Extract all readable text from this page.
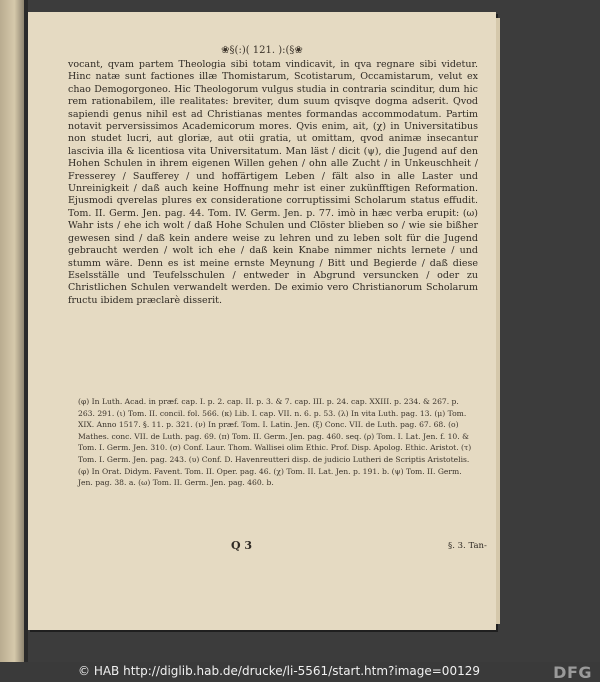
❀§(:)( 121. ):(§❀

vocant, qvam partem Theologia sibi totam vindicavit, in qva regnare sibi videtur. Hinc natæ sunt factiones illæ Thomistarum, Scotistarum, Occamistarum, velut ex chao Demogorgoneo. Hic Theologorum vulgus studia in contraria scinditur, dum hic rem rationabilem, ille realitates: breviter, dum suum qvisqve dogma adserit. Qvod sapiendi genus nihil est ad Christianas mentes formandas accommodatum. Partim notavit perversissimos Academicorum mores. Qvis enim, ait, (χ) in Universitatibus non studet lucri, aut gloriæ, aut otii gratia, ut omittam, qvod animæ insecantur lascivia illa & licentiosa vita Universitatum. Man läst / dicit (ψ), die Jugend auf den Hohen Schulen in ihrem eigenen Willen gehen / ohn alle Zucht / in Unkeuschheit / Fresserey / Saufferey / und hoffärtigem Leben / fält also in alle Laster und Unreinigkeit / daß auch keine Hoffnung mehr ist einer zukünfftigen Reformation. Ejusmodi qverelas plures ex consideratione corruptissimi Scholarum status effudit. Tom. II. Germ. Jen. pag. 44. Tom. IV. Germ. Jen. p. 77. imò in hæc verba erupit: (ω) Wahr ists / ehe ich wolt / daß Hohe Schulen und Clöster blieben so / wie sie bißher gewesen sind / daß kein andere weise zu lehren und zu leben solt für die Jugend gebraucht werden / wolt ich ehe / daß kein Knabe nimmer nichts lernete / und stumm wäre. Denn es ist meine ernste Meynung / Bitt und Begierde / daß diese Eselsställe und Teufelsschulen / entweder in Abgrund versuncken / oder zu Christlichen Schulen verwandelt werden. De eximio vero Christianorum Scholarum fructu ibidem præclarè disserit.

(φ) In Luth. Acad. in præf. cap. I. p. 2. cap. II. p. 3. & 7. cap. III. p. 24. cap. XXIII. p. 234. & 267. p. 263. 291. (ι) Tom. II. concil. fol. 566. (κ) Lib. I. cap. VII. n. 6. p. 53. (λ) In vita Luth. pag. 13. (μ) Tom. XIX. Anno 1517. §. 11. p. 321. (ν) In præf. Tom. I. Latin. Jen. (ξ) Conc. VII. de Luth. pag. 67. 68. (ο) Mathes. conc. VII. de Luth. pag. 69. (π) Tom. II. Germ. Jen. pag. 460. seq. (ρ) Tom. I. Lat. Jen. f. 10. & Tom. I. Germ. Jen. 310. (σ) Conf. Laur. Thom. Wallisei olim Ethic. Prof. Disp. Apolog. Ethic. Aristot. (τ) Tom. I. Germ. Jen. pag. 243. (υ) Conf. D. Havenreutteri disp. de judicio Lutheri de Scriptis Aristotelis. (φ) In Orat. Didym. Favent. Tom. II. Oper. pag. 46. (χ) Tom. II. Lat. Jen. p. 191. b. (ψ) Tom. II. Germ. Jen. pag. 38. a. (ω) Tom. II. Germ. Jen. pag. 460. b.

Q 3	§. 3. Tan-
© HAB http://diglib.hab.de/drucke/li-5561/start.htm?image=00129	DFG
